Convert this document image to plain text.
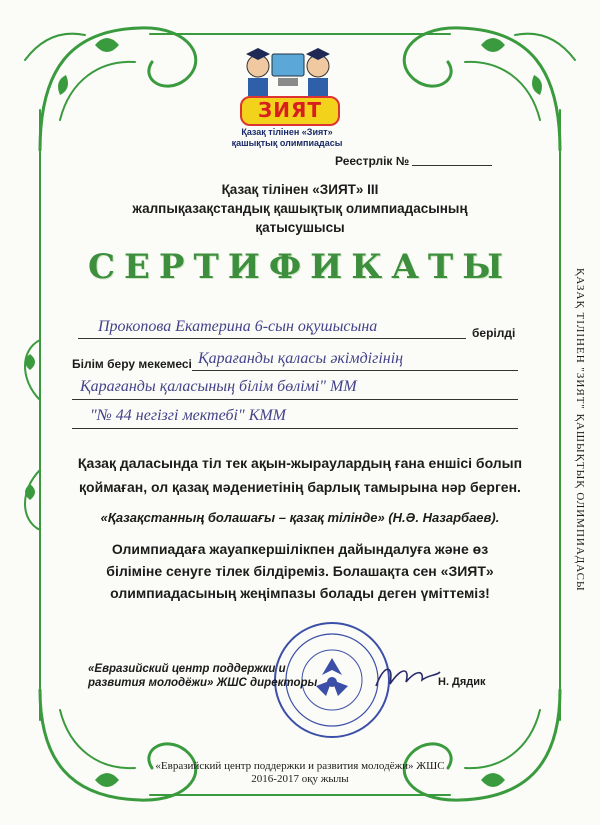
ЗИЯТ
Қазақ тілінен «Зият»
қашықтық олимпиадасы
Реестрлік №
Қазақ тілінен «ЗИЯТ» ІІІ
жалпықазақстандық қашықтық олимпиадасының
қатысушысы
СЕРТИФИКАТЫ
Прокопова Екатерина 6-сын оқушысына	берілді
Білім беру мекемесі Қарағанды қаласы әкімдігінің
Қарағанды қаласының білім бөлімі" ММ
"№ 44 негізгі мектебі" КММ
Қазақ даласында тіл тек ақын-жыраулардың ғана еншісі болып
қоймаған, ол қазақ мәдениетінің барлық тамырына нәр берген.
«Қазақстанның болашағы – қазақ тілінде» (Н.Ә. Назарбаев).
Олимпиадаға жауапкершілікпен дайындалуға және өз
біліміне сенуге тілек білдіреміз. Болашақта сен «ЗИЯТ»
олимпиадасының жеңімпазы болады деген үміттеміз!
«Евразийский центр поддержки и
развития молодёжи» ЖШС директоры	Н. Дядик
«Евразийский центр поддержки и развития молодёжи» ЖШС
2016-2017 оқу жылы
ҚАЗАҚ ТІЛІНЕН "ЗИЯТ" ҚАШЫҚТЫҚ ОЛИМПИАДАСЫ
